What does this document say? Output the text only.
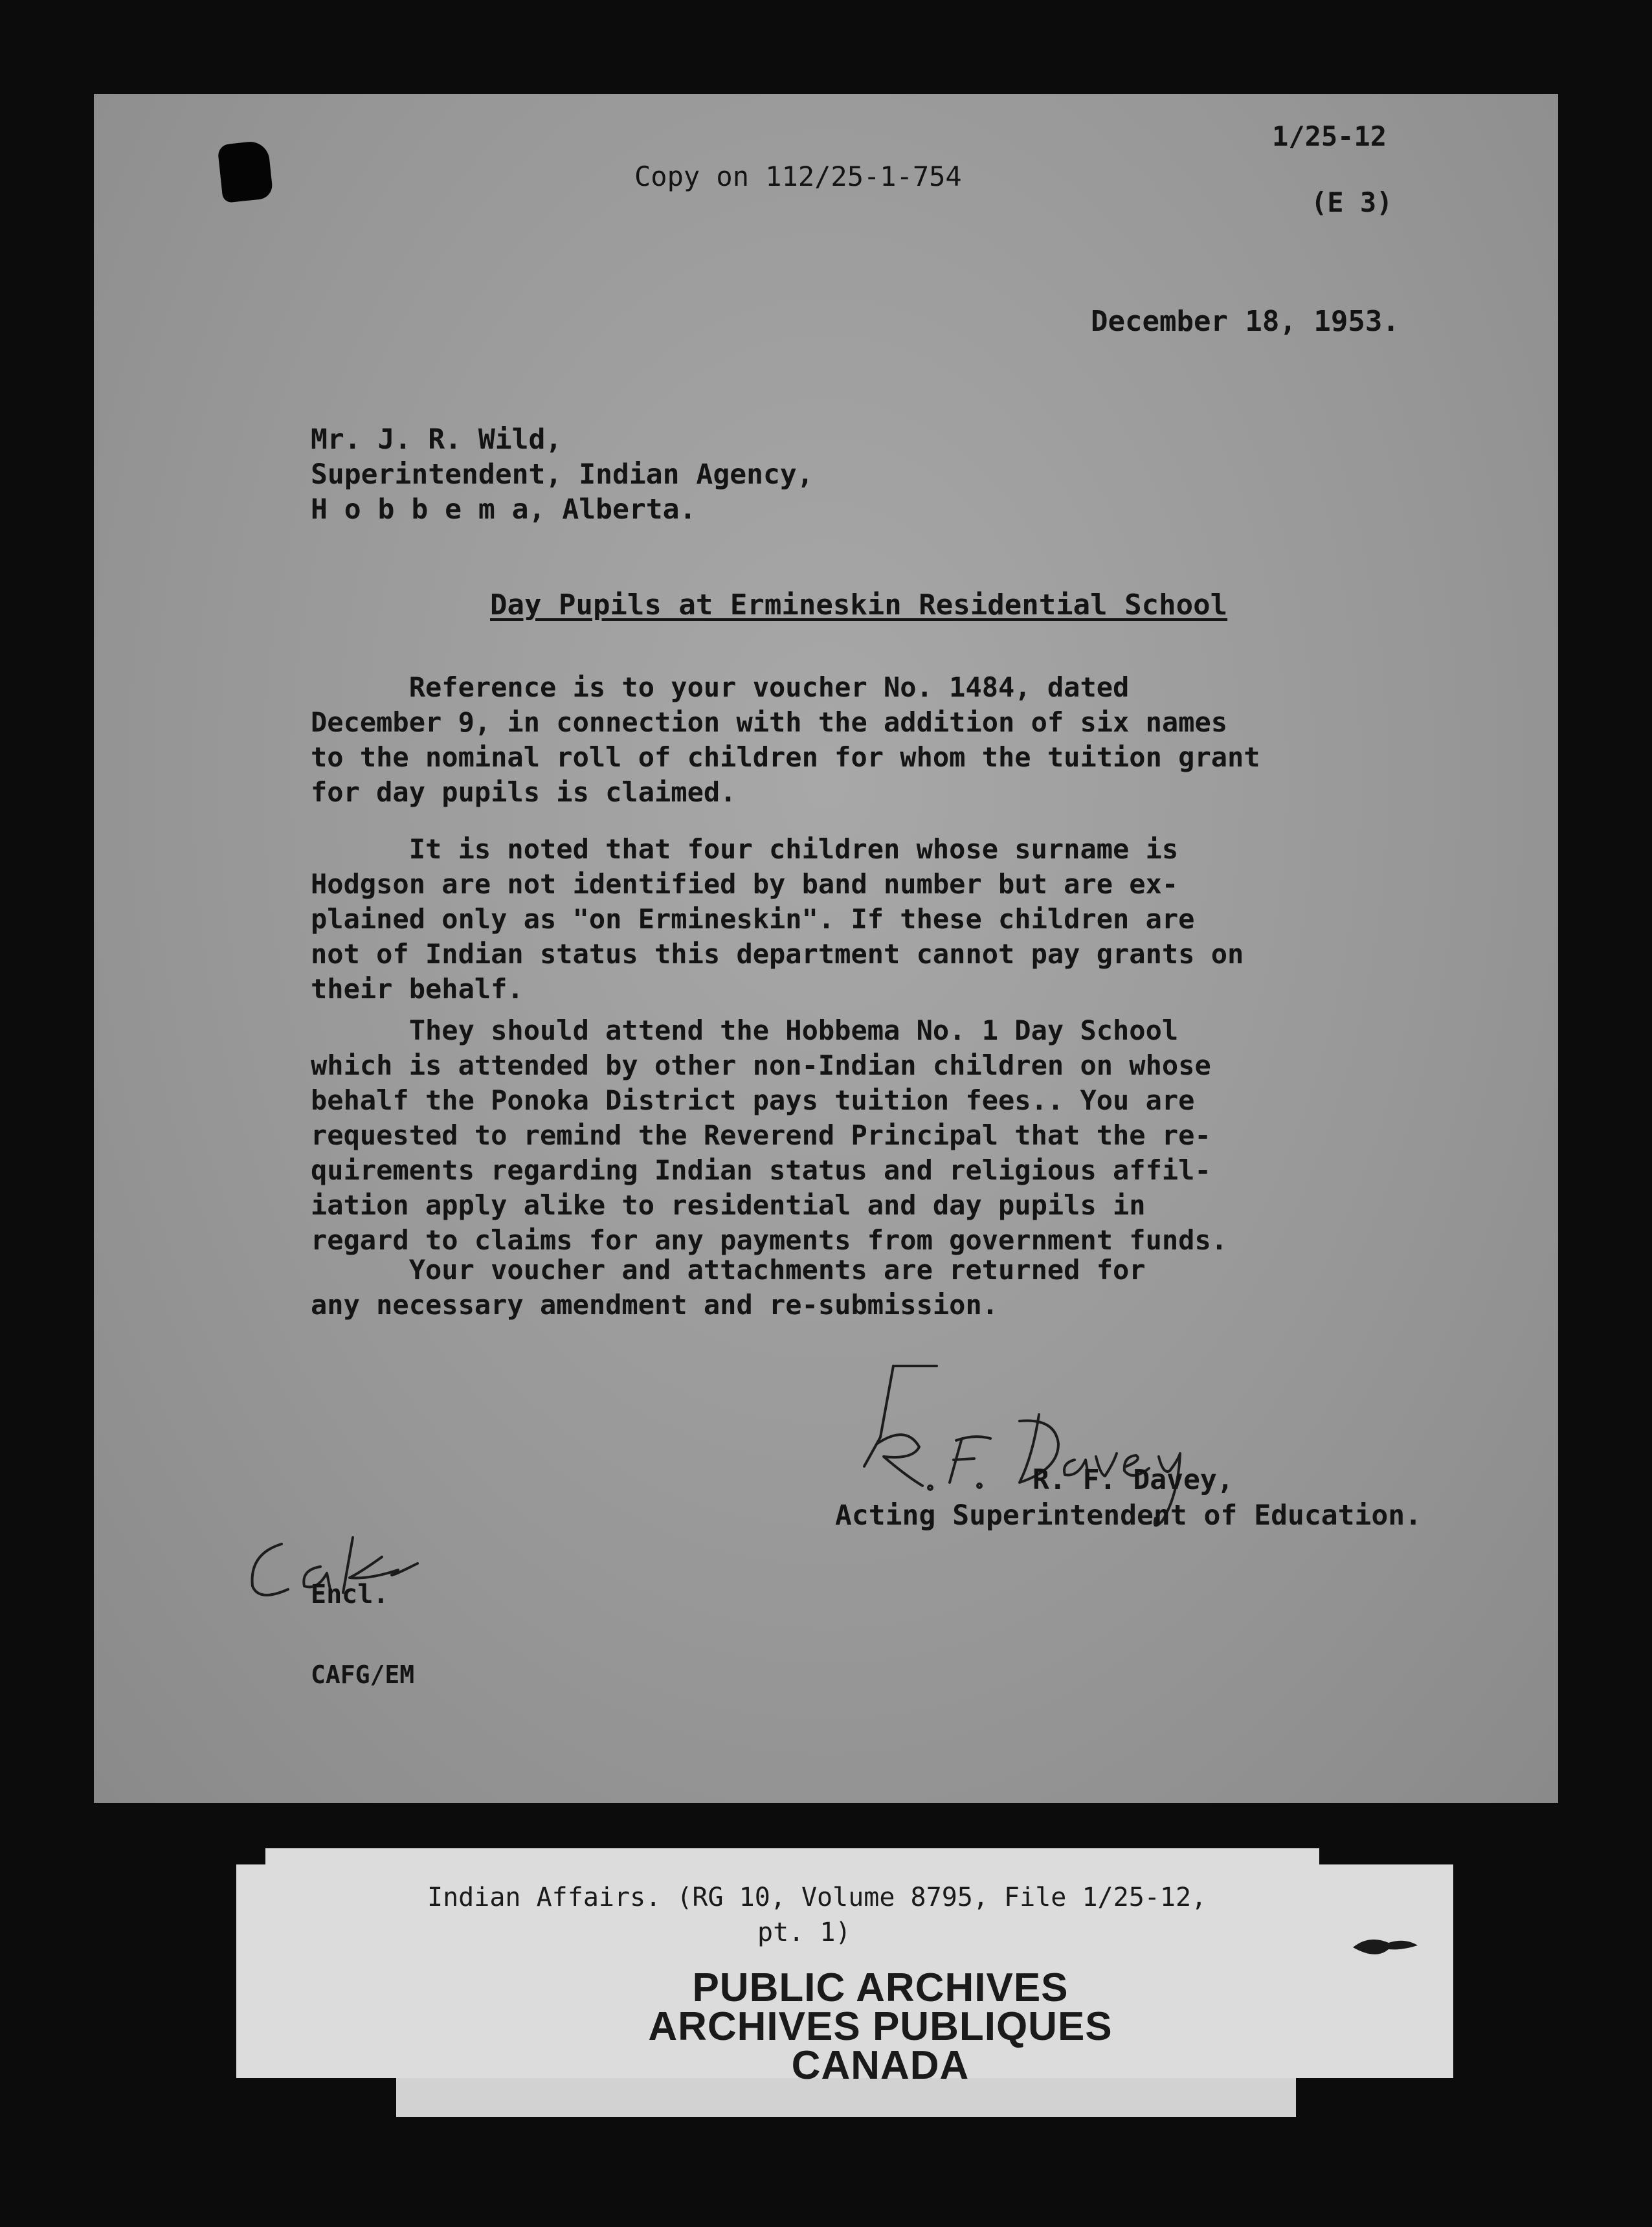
1/25-12
(E 3)
Copy on 112/25-1-754
December 18, 1953.
Mr. J. R. Wild,
Superintendent, Indian Agency,
H o b b e m a, Alberta.
Day Pupils at Ermineskin Residential School
Reference is to your voucher No. 1484, dated
December 9, in connection with the addition of six names
to the nominal roll of children for whom the tuition grant
for day pupils is claimed.
It is noted that four children whose surname is
Hodgson are not identified by band number but are ex-
plained only as "on Ermineskin". If these children are
not of Indian status this department cannot pay grants on
their behalf.
They should attend the Hobbema No. 1 Day School
which is attended by other non-Indian children on whose
behalf the Ponoka District pays tuition fees.. You are
requested to remind the Reverend Principal that the re-
quirements regarding Indian status and religious affil-
iation apply alike to residential and day pupils in
regard to claims for any payments from government funds.
Your voucher and attachments are returned for
any necessary amendment and re-submission.
R. F. Davey,
Acting Superintendent of Education.
Encl.
CAFG/EM
Indian Affairs. (RG 10, Volume 8795, File 1/25-12,
pt. 1)
PUBLIC ARCHIVES
ARCHIVES PUBLIQUES
CANADA
